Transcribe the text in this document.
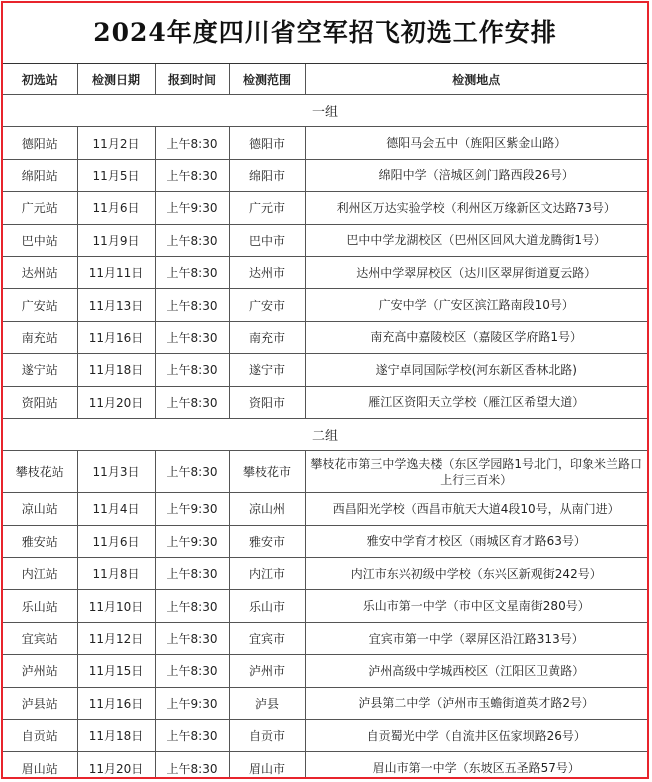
2024年度四川省空军招飞初选工作安排
初选站	检测日期	报到时间	检测范围	检测地点
一组				
德阳站	11月2日	上午8:30	德阳市	德阳马会五中（旌阳区紫金山路）
绵阳站	11月5日	上午8:30	绵阳市	绵阳中学（涪城区剑门路西段26号）
广元站	11月6日	上午9:30	广元市	利州区万达实验学校（利州区万缘新区文达路73号）
巴中站	11月9日	上午8:30	巴中市	巴中中学龙湖校区（巴州区回风大道龙腾街1号）
达州站	11月11日	上午8:30	达州市	达州中学翠屏校区（达川区翠屏街道夏云路）
广安站	11月13日	上午8:30	广安市	广安中学（广安区滨江路南段10号）
南充站	11月16日	上午8:30	南充市	南充高中嘉陵校区（嘉陵区学府路1号）
遂宁站	11月18日	上午8:30	遂宁市	遂宁卓同国际学校(河东新区香林北路)
资阳站	11月20日	上午8:30	资阳市	雁江区资阳天立学校（雁江区希望大道）
二组				
攀枝花站	11月3日	上午8:30	攀枝花市	攀枝花市第三中学逸夫楼（东区学园路1号北门，印象米兰路口上行三百米）
凉山站	11月4日	上午9:30	凉山州	西昌阳光学校（西昌市航天大道4段10号，从南门进）
雅安站	11月6日	上午9:30	雅安市	雅安中学育才校区（雨城区育才路63号）
内江站	11月8日	上午8:30	内江市	内江市东兴初级中学校（东兴区新观街242号）
乐山站	11月10日	上午8:30	乐山市	乐山市第一中学（市中区文星南街280号）
宜宾站	11月12日	上午8:30	宜宾市	宜宾市第一中学（翠屏区沿江路313号）
泸州站	11月15日	上午8:30	泸州市	泸州高级中学城西校区（江阳区卫黄路）
泸县站	11月16日	上午9:30	泸县	泸县第二中学（泸州市玉蟾街道英才路2号）
自贡站	11月18日	上午8:30	自贡市	自贡蜀光中学（自流井区伍家坝路26号）
眉山站	11月20日	上午8:30	眉山市	眉山市第一中学（东坡区五圣路57号）
